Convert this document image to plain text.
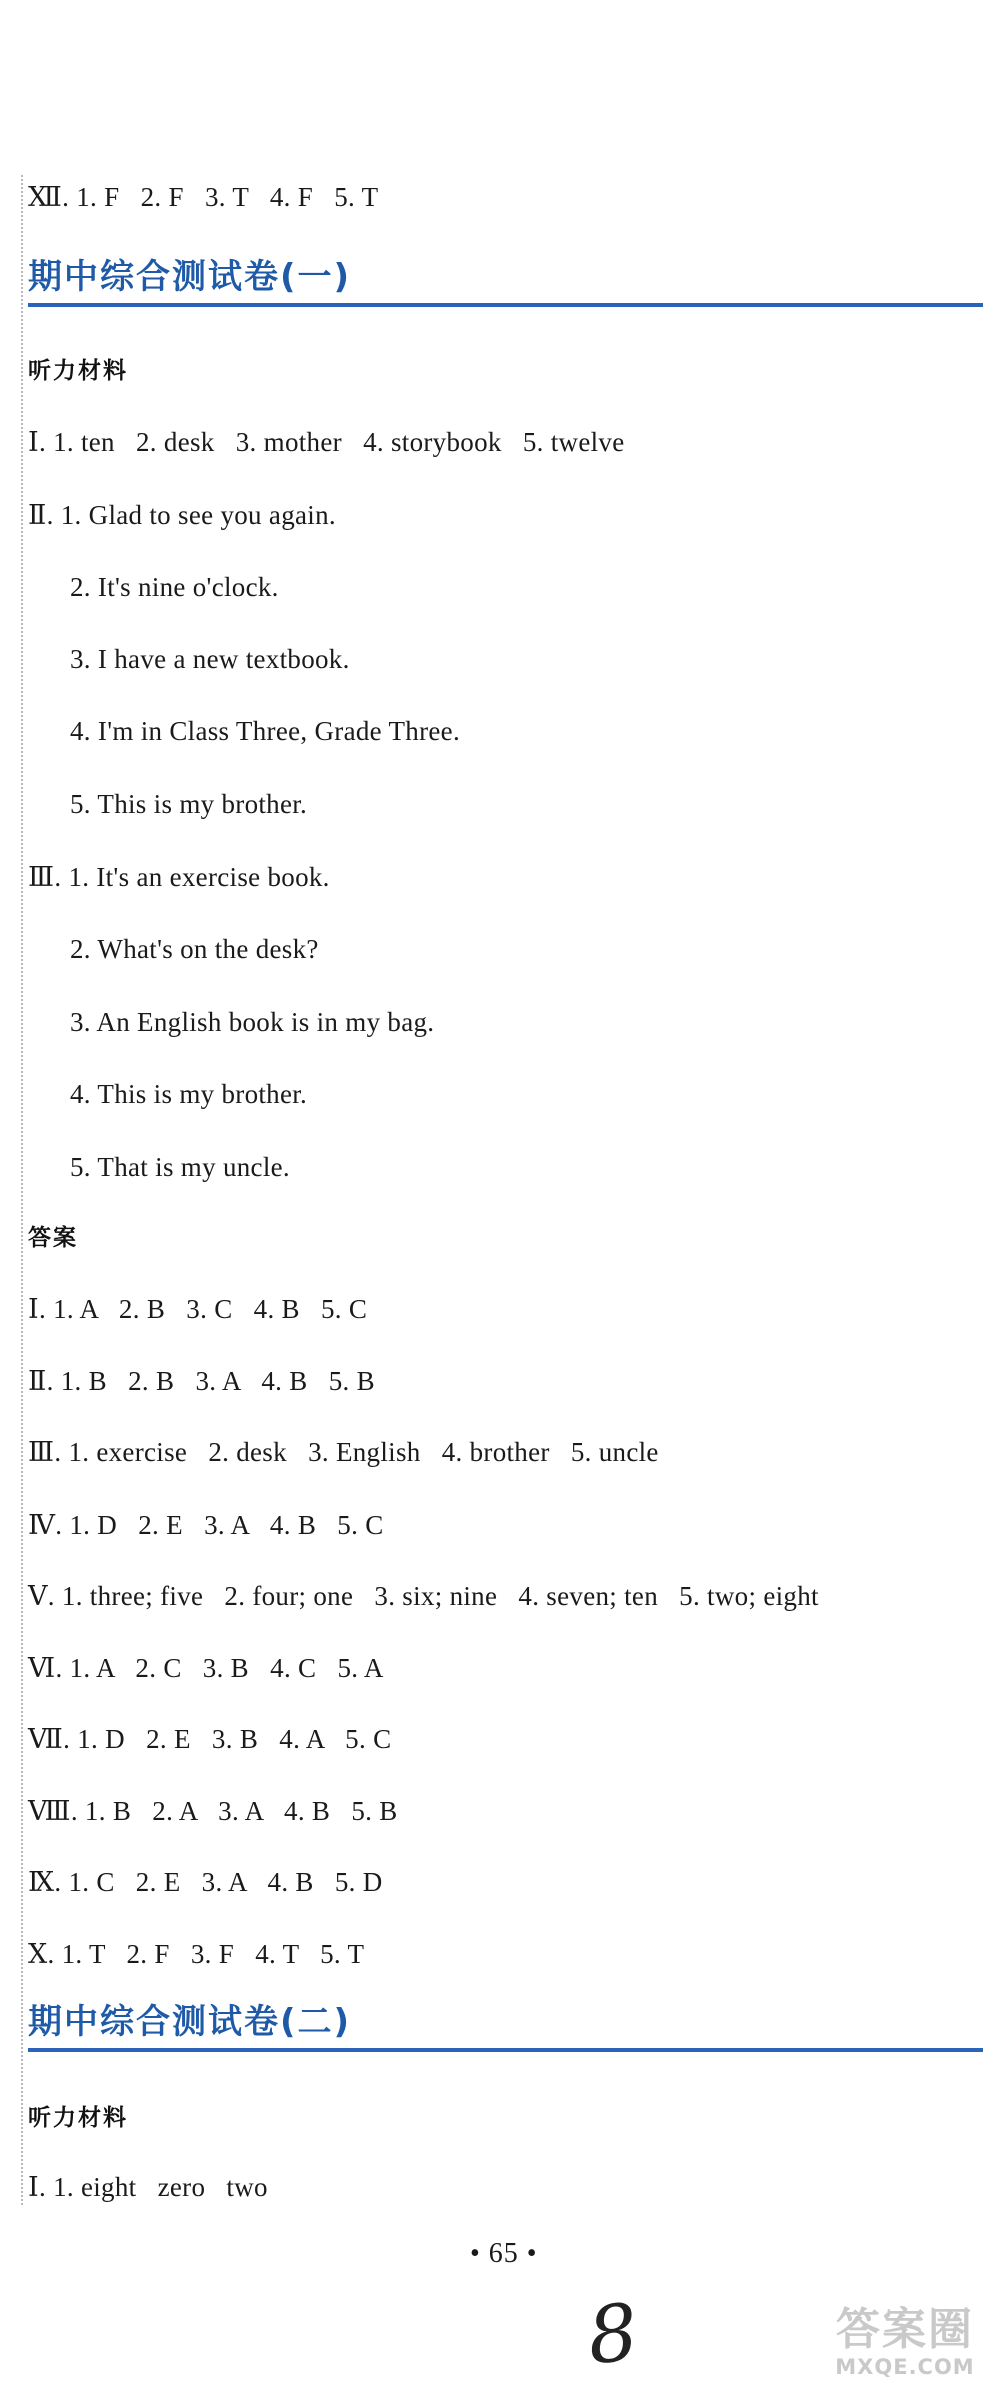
Ⅻ. 1. F   2. F   3. T   4. F   5. T
期中综合测试卷(一)
听力材料
Ⅰ. 1. ten   2. desk   3. mother   4. storybook   5. twelve
Ⅱ. 1. Glad to see you again.
2. It's nine o'clock.
3. I have a new textbook.
4. I'm in Class Three, Grade Three.
5. This is my brother.
Ⅲ. 1. It's an exercise book.
2. What's on the desk?
3. An English book is in my bag.
4. This is my brother.
5. That is my uncle.
答案
Ⅰ. 1. A   2. B   3. C   4. B   5. C
Ⅱ. 1. B   2. B   3. A   4. B   5. B
Ⅲ. 1. exercise   2. desk   3. English   4. brother   5. uncle
Ⅳ. 1. D   2. E   3. A   4. B   5. C
Ⅴ. 1. three; five   2. four; one   3. six; nine   4. seven; ten   5. two; eight
Ⅵ. 1. A   2. C   3. B   4. C   5. A
Ⅶ. 1. D   2. E   3. B   4. A   5. C
Ⅷ. 1. B   2. A   3. A   4. B   5. B
Ⅸ. 1. C   2. E   3. A   4. B   5. D
Ⅹ. 1. T   2. F   3. F   4. T   5. T
期中综合测试卷(二)
听力材料
Ⅰ. 1. eight   zero   two
• 65 •
8	答案圈
MXQE.COM
